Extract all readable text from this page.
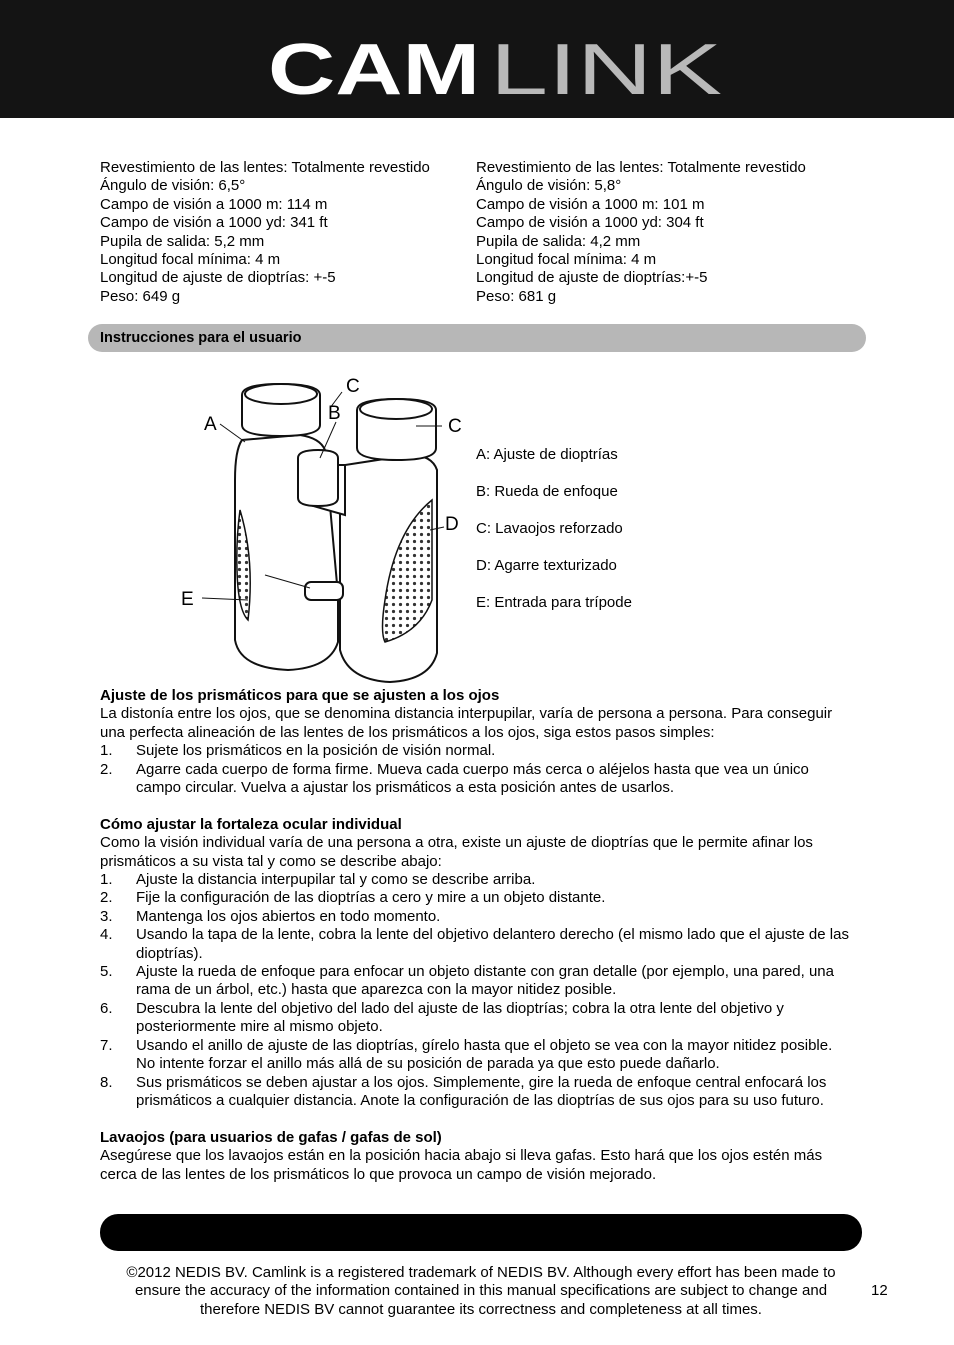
CAM LINK
Revestimiento de las lentes: Totalmente revestido
Ángulo de visión: 6,5°
Campo de visión a 1000 m: 114 m
Campo de visión a 1000 yd: 341 ft
Pupila de salida: 5,2 mm
Longitud focal mínima: 4 m
Longitud de ajuste de dioptrías: +-5
Peso: 649 g
Revestimiento de las lentes: Totalmente revestido
Ángulo de visión: 5,8°
Campo de visión a 1000 m: 101 m
Campo de visión a 1000 yd: 304 ft
Pupila de salida: 4,2 mm
Longitud focal mínima: 4 m
Longitud de ajuste de dioptrías:+-5
Peso: 681 g
Instrucciones para el usuario
A
C
B
C
D
E
A: Ajuste de dioptrías
B: Rueda de enfoque
C: Lavaojos reforzado
D: Agarre texturizado
E: Entrada para trípode
Ajuste de los prismáticos para que se ajusten a los ojos

La distonía entre los ojos, que se denomina distancia interpupilar, varía de persona a persona. Para conseguir una perfecta alineación de las lentes de los prismáticos a los ojos, siga estos pasos simples:

1. Sujete los prismáticos en la posición de visión normal.
2. Agarre cada cuerpo de forma firme. Mueva cada cuerpo más cerca o aléjelos hasta que vea un único campo circular. Vuelva a ajustar los prismáticos a esta posición antes de usarlos.
Cómo ajustar la fortaleza ocular individual

Como la visión individual varía de una persona a otra, existe un ajuste de dioptrías que le permite afinar los prismáticos a su vista tal y como se describe abajo:

1. Ajuste la distancia interpupilar tal y como se describe arriba.
2. Fije la configuración de las dioptrías a cero y mire a un objeto distante.
3. Mantenga los ojos abiertos en todo momento.
4. Usando la tapa de la lente, cobra la lente del objetivo delantero derecho (el mismo lado que el ajuste de las dioptrías).
5. Ajuste la rueda de enfoque para enfocar un objeto distante con gran detalle (por ejemplo, una pared, una rama de un árbol, etc.) hasta que aparezca con la mayor nitidez posible.
6. Descubra la lente del objetivo del lado del ajuste de las dioptrías; cobra la otra lente del objetivo y posteriormente mire al mismo objeto.
7. Usando el anillo de ajuste de las dioptrías, gírelo hasta que el objeto se vea con la mayor nitidez posible. No intente forzar el anillo más allá de su posición de parada ya que esto puede dañarlo.
8. Sus prismáticos se deben ajustar a los ojos. Simplemente, gire la rueda de enfoque central enfocará los prismáticos a cualquier distancia. Anote la configuración de las dioptrías de sus ojos para su uso futuro.
Lavaojos (para usuarios de gafas / gafas de sol)

Asegúrese que los lavaojos están en la posición hacia abajo si lleva gafas. Esto hará que los ojos estén más cerca de las lentes de los prismáticos lo que provoca un campo de visión mejorado.

©2012 NEDIS BV. Camlink is a registered trademark of NEDIS BV. Although every effort has been made to ensure the accuracy of the information contained in this manual specifications are subject to change and therefore NEDIS BV cannot guarantee its correctness and completeness at all times.
12
